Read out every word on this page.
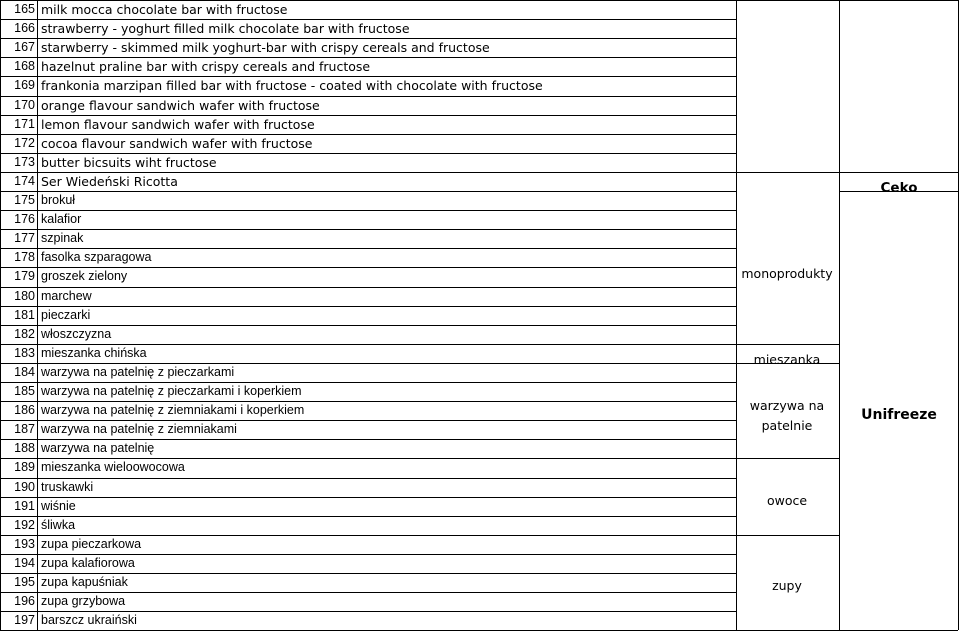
165 milk mocca chocolate bar with fructose
166 strawberry - yoghurt filled milk chocolate bar with fructose
167 starwberry - skimmed milk yoghurt-bar with crispy cereals and fructose
168 hazelnut praline bar with crispy cereals and fructose
169 frankonia marzipan filled bar with fructose - coated with chocolate with fructose
170 orange flavour sandwich wafer with fructose
171 lemon flavour sandwich wafer with fructose
172 cocoa flavour sandwich wafer with fructose
173 butter bicsuits wiht fructose
174 Ser Wiedeński Ricotta
175 brokuł
176 kalafior
177 szpinak
178 fasolka szparagowa
179 groszek zielony
180 marchew
181 pieczarki
182 włoszczyzna
183 mieszanka chińska
184 warzywa na patelnię z pieczarkami
185 warzywa na patelnię z pieczarkami i koperkiem
186 warzywa na patelnię z ziemniakami i koperkiem
187 warzywa na patelnię z ziemniakami
188 warzywa na patelnię
189 mieszanka wieloowocowa
190 truskawki
191 wiśnie
192 śliwka
193 zupa pieczarkowa
194 zupa kalafiorowa
195 zupa kapuśniak
196 zupa grzybowa
197 barszcz ukraiński
monoprodukty
mieszanka
warzywa na
patelnie
owoce
zupy
Ceko
Unifreeze
